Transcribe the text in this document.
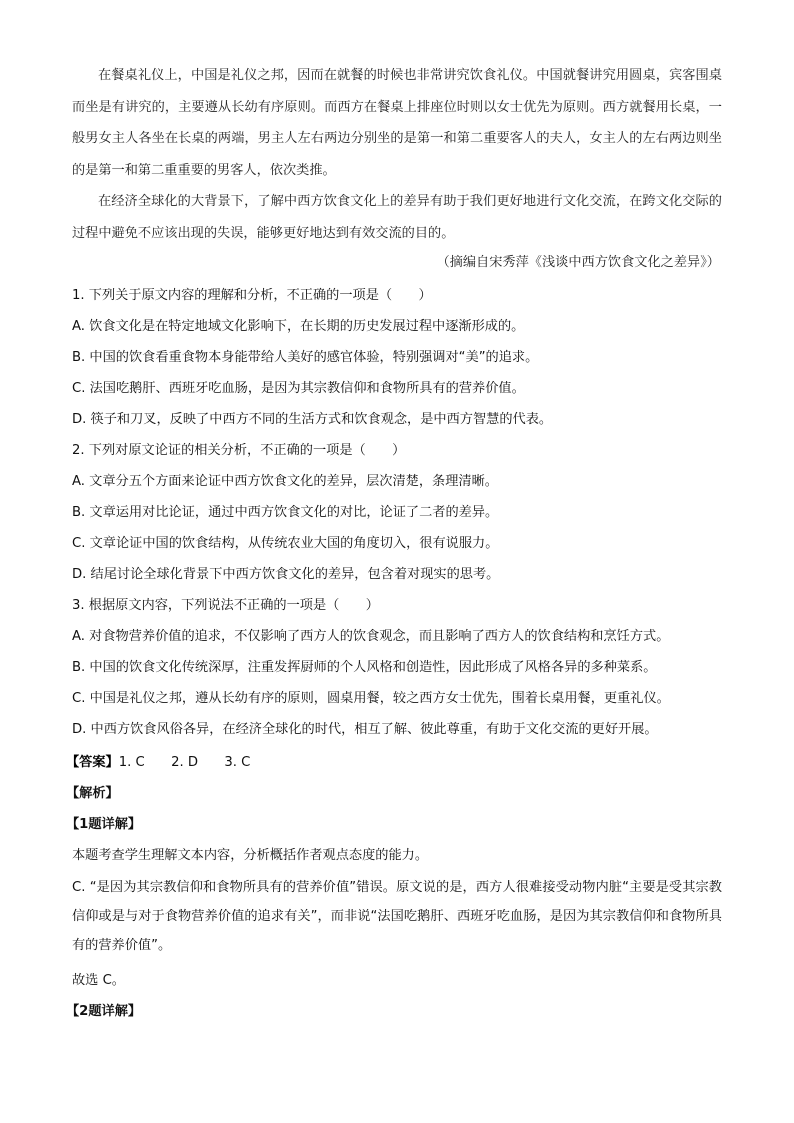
在餐桌礼仪上，中国是礼仪之邦，因而在就餐的时候也非常讲究饮食礼仪。中国就餐讲究用圆桌，宾客围桌而坐是有讲究的，主要遵从长幼有序原则。而西方在餐桌上排座位时则以女士优先为原则。西方就餐用长桌，一般男女主人各坐在长桌的两端，男主人左右两边分别坐的是第一和第二重要客人的夫人，女主人的左右两边则坐的是第一和第二重重要的男客人，依次类推。

在经济全球化的大背景下，了解中西方饮食文化上的差异有助于我们更好地进行文化交流，在跨文化交际的过程中避免不应该出现的失误，能够更好地达到有效交流的目的。

（摘编自宋秀萍《浅谈中西方饮食文化之差异》）
1. 下列关于原文内容的理解和分析，不正确的一项是（　　）
A. 饮食文化是在特定地域文化影响下，在长期的历史发展过程中逐渐形成的。
B. 中国的饮食看重食物本身能带给人美好的感官体验，特别强调对“美”的追求。
C. 法国吃鹅肝、西班牙吃血肠，是因为其宗教信仰和食物所具有的营养价值。
D. 筷子和刀叉，反映了中西方不同的生活方式和饮食观念，是中西方智慧的代表。
2. 下列对原文论证的相关分析，不正确的一项是（　　）
A. 文章分五个方面来论证中西方饮食文化的差异，层次清楚，条理清晰。
B. 文章运用对比论证，通过中西方饮食文化的对比，论证了二者的差异。
C. 文章论证中国的饮食结构，从传统农业大国的角度切入，很有说服力。
D. 结尾讨论全球化背景下中西方饮食文化的差异，包含着对现实的思考。
3. 根据原文内容，下列说法不正确的一项是（　　）
A. 对食物营养价值的追求，不仅影响了西方人的饮食观念，而且影响了西方人的饮食结构和烹饪方式。
B. 中国的饮食文化传统深厚，注重发挥厨师的个人风格和创造性，因此形成了风格各异的多种菜系。
C. 中国是礼仪之邦，遵从长幼有序的原则，圆桌用餐，较之西方女士优先，围着长桌用餐，更重礼仪。
D. 中西方饮食风俗各异，在经济全球化的时代，相互了解、彼此尊重，有助于文化交流的更好开展。
【答案】1. C　　2. D　　3. C
【解析】
【1题详解】
本题考查学生理解文本内容，分析概括作者观点态度的能力。
C. “是因为其宗教信仰和食物所具有的营养价值”错误。原文说的是，西方人很难接受动物内脏“主要是受其宗教信仰或是与对于食物营养价值的追求有关”，而非说“法国吃鹅肝、西班牙吃血肠，是因为其宗教信仰和食物所具有的营养价值”。
故选 C。
【2题详解】
